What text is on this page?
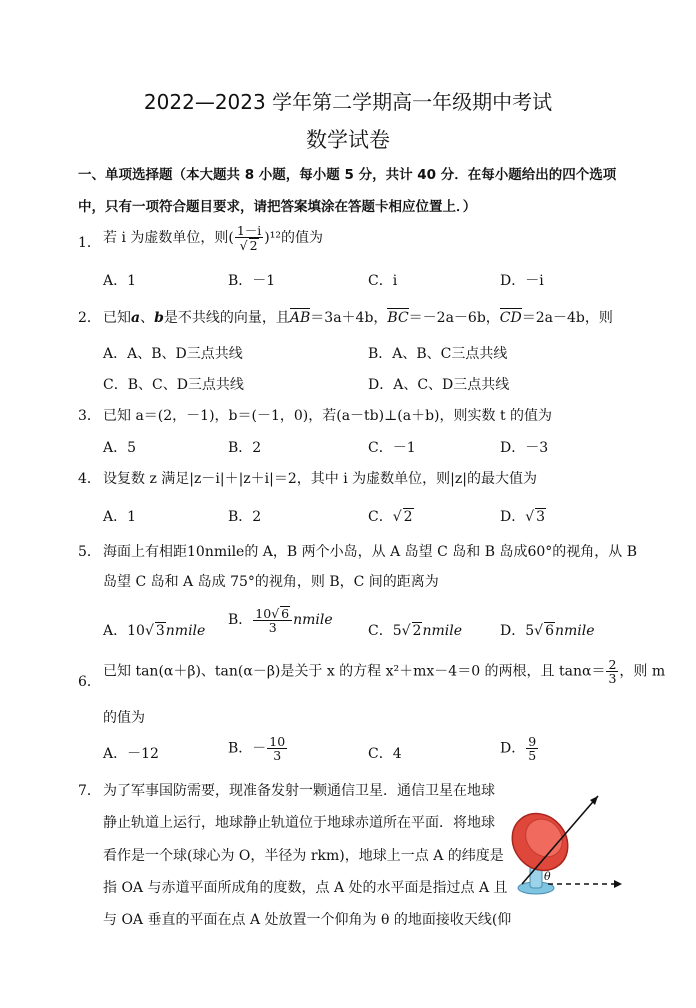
2022—2023 学年第二学期高一年级期中考试
数学试卷
一、单项选择题（本大题共 8 小题，每小题 5 分，共计 40 分．在每小题给出的四个选项
中，只有一项符合题目要求，请把答案填涂在答题卡相应位置上．）
1． 若 i 为虚数单位，则( $\frac{1-i}{√ 2} )^{12}$的值为
A．1	B．－1	C．i	D．－i
2． 已知a、b是不共线的向量，且AB＝3a＋4b，BC＝－2a－6b，CD＝2a－4b，则
A．A、B、D三点共线	B．A、B、C三点共线
C．B、C、D三点共线	D．A、C、D三点共线
3． 已知 a＝(2，－1)，b＝(－1，0)，若(a－tb)⊥(a＋b)，则实数 t 的值为
A．5	B．2	C．－1	D．－3
4． 设复数 z 满足|z－i|＋|z＋i|＝2，其中 i 为虚数单位，则|z|的最大值为
A．1	B．2	C．√ 2	D．√ 3
5． 海面上有相距10nmile的 A，B 两个小岛，从 A 岛望 C 岛和 B 岛成60°的视角，从 B
岛望 C 岛和 A 岛成 75°的视角，则 B，C 间的距离为
A．10√ 3nmile
B． $\frac{10√ 6}{3}$ nmile
C．5√ 2nmile	D．5√ 6nmile
6．
已知 tan(α＋β)、tan(α－β)是关于 x 的方程 x²＋mx－4＝0 的两根，且 $\tan\alpha= \frac{2}{3}$ ，则 m
的值为
A．－12	B．－ $\frac{10}{3}$	C．4	D． $\frac{9}{5}$
7． 为了军事国防需要，现准备发射一颗通信卫星．通信卫星在地球
静止轨道上运行，地球静止轨道位于地球赤道所在平面．将地球
看作是一个球(球心为 O，半径为 rkm)，地球上一点 A 的纬度是
指 OA 与赤道平面所成角的度数，点 A 处的水平面是指过点 A 且
与 OA 垂直的平面在点 A 处放置一个仰角为 θ 的地面接收天线(仰
θ
